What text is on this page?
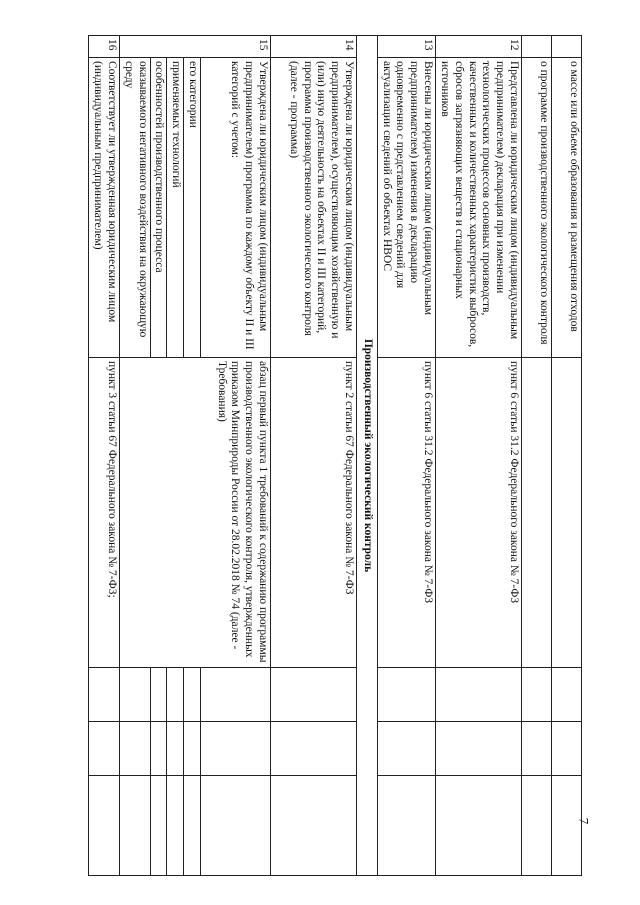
7
	о массе или объеме образования и размещения отходов				
	о программе производственного экологического контроля				
12	Представлена ли юридическим лицом (индивидуальным предпринимателем) декларация при изменении технологических процессов основных производств, качественных и количественных характеристик выбросов, сбросов загрязняющих веществ и стационарных источников	пункт 6 статьи 31.2 Федерального закона № 7-ФЗ			
13	Внесены ли юридическим лицом (индивидуальным предпринимателем) изменения в декларацию одновременно с представлением сведений для актуализации сведений об объектах НВОС	пункт 6 статьи 31.2 Федерального закона № 7-ФЗ			
Производственный экологический контроль					
14	Утверждена ли юридическим лицом (индивидуальным предпринимателем), осуществляющим хозяйственную и (или) иную деятельность на объектах II и III категорий, программа производственного экологического контроля (далее - программа)	пункт 2 статьи 67 Федерального закона № 7-ФЗ			
15	Утверждена ли юридическим лицом (индивидуальным предпринимателем) программа по каждому объекту II и III категорий с учетом:	абзац первый пункта 1 требований к содержанию программы производственного экологического контроля, утвержденных приказом Минприроды России от 28.02.2018 № 74 (далее - Требования)			
	его категории				
	применяемых технологий				
	особенностей производственного процесса				
	оказываемого негативного воздействия на окружающую среду				
16	Соответствует ли утвержденная юридическим лицом (индивидуальным предпринимателем)	пункт 3 статьи 67 Федерального закона № 7-ФЗ;			
